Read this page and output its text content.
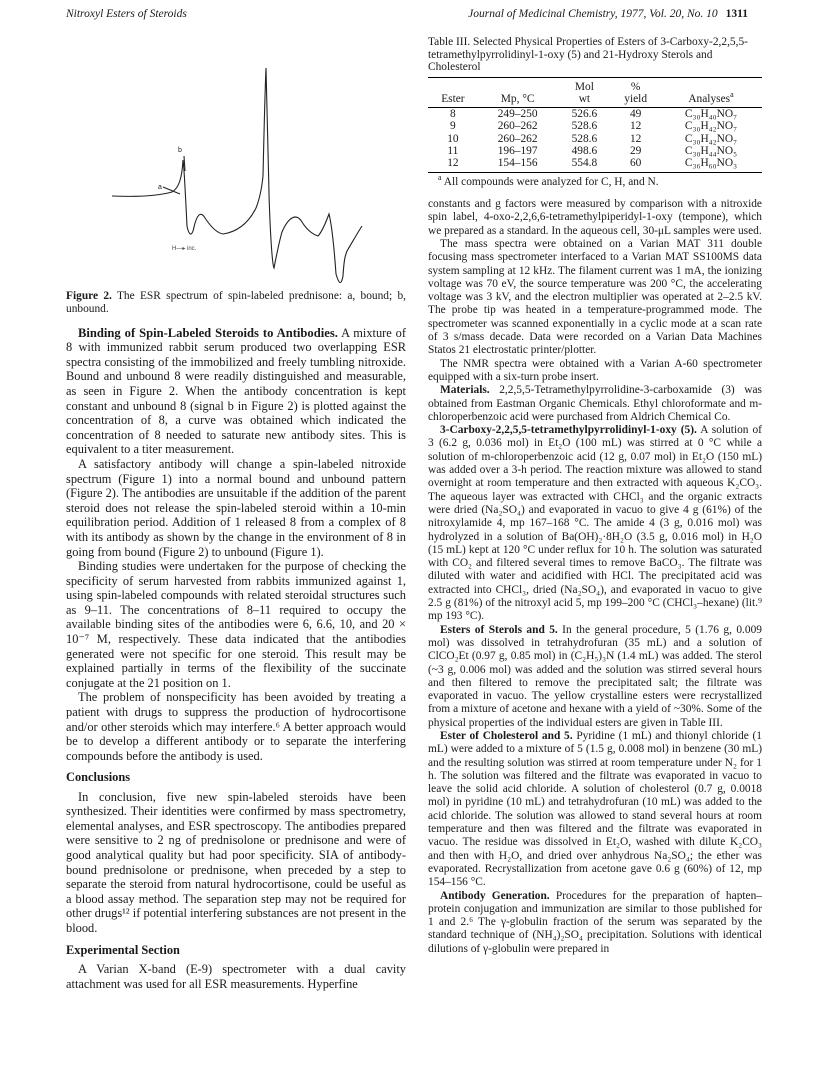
Nitroxyl Esters of Steroids	Journal of Medicinal Chemistry, 1977, Vol. 20, No. 10 1311
b
a
H—▸ inc.
Figure 2. The ESR spectrum of spin-labeled prednisone: a, bound; b, unbound.

Binding of Spin-Labeled Steroids to Antibodies. A mixture of 8 with immunized rabbit serum produced two overlapping ESR spectra consisting of the immobilized and freely tumbling nitroxide. Bound and unbound 8 were readily distinguished and measurable, as seen in Figure 2. When the antibody concentration is kept constant and unbound 8 (signal b in Figure 2) is plotted against the concentration of 8, a curve was obtained which indicated the concentration of 8 needed to saturate new antibody sites. This is equivalent to a titer measurement.

A satisfactory antibody will change a spin-labeled nitroxide spectrum (Figure 1) into a normal bound and unbound pattern (Figure 2). The antibodies are unsuitable if the addition of the parent steroid does not release the spin-labeled steroid within a 10-min equilibration period. Addition of 1 released 8 from a complex of 8 with its antibody as shown by the change in the environment of 8 in going from bound (Figure 2) to unbound (Figure 1).

Binding studies were undertaken for the purpose of checking the specificity of serum harvested from rabbits immunized against 1, using spin-labeled compounds with related steroidal structures such as 9–11. The concentrations of 8–11 required to occupy the available binding sites of the antibodies were 6, 6.6, 10, and 20 × 10⁻⁷ M, respectively. These data indicated that the antibodies generated were not specific for one steroid. This result may be explained partially in terms of the flexibility of the succinate conjugate at the 21 position on 1.

The problem of nonspecificity has been avoided by treating a patient with drugs to suppress the production of hydrocortisone and/or other steroids which may interfere.⁶ A better approach would be to develop a different antibody or to separate the interfering compounds before the antibody is used.

Conclusions

In conclusion, five new spin-labeled steroids have been synthesized. Their identities were confirmed by mass spectrometry, elemental analyses, and ESR spectroscopy. The antibodies prepared were sensitive to 2 ng of prednisolone or prednisone and were of good analytical quality but had poor specificity. SIA of antibody-bound prednisolone or prednisone, when preceded by a step to separate the steroid from natural hydrocortisone, could be useful as a blood assay method. The separation step may not be required for other drugs¹² if potential interfering substances are not present in the blood.

Experimental Section

A Varian X-band (E-9) spectrometer with a dual cavity attachment was used for all ESR measurements. Hyperfine

Table III. Selected Physical Properties of Esters of 3-Carboxy-2,2,5,5-tetramethylpyrrolidinyl-1-oxy (5) and 21-Hydroxy Sterols and Cholesterol
		Mol	%	
Ester	Mp, °C	wt	yield	Analyses$^a$
8	249–250	526.6	49	C₃₀H₄₀NO₇
9	260–262	528.6	12	C₃₀H₄₂NO₇
10	260–262	528.6	12	C₃₀H₄₂NO₇
11	196–197	498.6	29	C₃₀H₄₄NO₅
12	154–156	554.8	60	C₃₆H₆₀NO₃
$^a$ All compounds were analyzed for C, H, and N.

constants and g factors were measured by comparison with a nitroxide spin label, 4-oxo-2,2,6,6-tetramethylpiperidyl-1-oxy (tempone), which we prepared as a standard. In the aqueous cell, 30-μL samples were used.

The mass spectra were obtained on a Varian MAT 311 double focusing mass spectrometer interfaced to a Varian MAT SS100MS data system sampling at 12 kHz. The filament current was 1 mA, the ionizing voltage was 70 eV, the source temperature was 200 °C, the accelerating voltage was 3 kV, and the electron multiplier was operated at 2–2.5 kV. The probe tip was heated in a temperature-programmed mode. The spectrometer was scanned exponentially in a cyclic mode at a scan rate of 3 s/mass decade. Data were recorded on a Varian Data Machines Statos 21 electrostatic printer/plotter.

The NMR spectra were obtained with a Varian A-60 spectrometer equipped with a six-turn probe insert.

Materials. 2,2,5,5-Tetramethylpyrrolidine-3-carboxamide (3) was obtained from Eastman Organic Chemicals. Ethyl chloroformate and m-chloroperbenzoic acid were purchased from Aldrich Chemical Co.

3-Carboxy-2,2,5,5-tetramethylpyrrolidinyl-1-oxy (5). A solution of 3 (6.2 g, 0.036 mol) in Et₂O (100 mL) was stirred at 0 °C while a solution of m-chloroperbenzoic acid (12 g, 0.07 mol) in Et₂O (150 mL) was added over a 3-h period. The reaction mixture was allowed to stand overnight at room temperature and then extracted with aqueous K₂CO₃. The aqueous layer was extracted with CHCl₃ and the organic extracts were dried (Na₂SO₄) and evaporated in vacuo to give 4 g (61%) of the nitroxylamide 4, mp 167–168 °C. The amide 4 (3 g, 0.016 mol) was hydrolyzed in a solution of Ba(OH)₂·8H₂O (3.5 g, 0.016 mol) in H₂O (15 mL) kept at 120 °C under reflux for 10 h. The solution was saturated with CO₂ and filtered several times to remove BaCO₃. The filtrate was diluted with water and acidified with HCl. The precipitated acid was extracted into CHCl₃, dried (Na₂SO₄), and evaporated in vacuo to give 2.5 g (81%) of the nitroxyl acid 5, mp 199–200 °C (CHCl₃–hexane) (lit.⁹ mp 193 °C).

Esters of Sterols and 5. In the general procedure, 5 (1.76 g, 0.009 mol) was dissolved in tetrahydrofuran (35 mL) and a solution of ClCO₂Et (0.97 g, 0.85 mol) in (C₂H₅)₃N (1.4 mL) was added. The sterol (~3 g, 0.006 mol) was added and the solution was stirred several hours and then filtered to remove the precipitated salt; the filtrate was evaporated in vacuo. The yellow crystalline esters were recrystallized from a mixture of acetone and hexane with a yield of ~30%. Some of the physical properties of the individual esters are given in Table III.

Ester of Cholesterol and 5. Pyridine (1 mL) and thionyl chloride (1 mL) were added to a mixture of 5 (1.5 g, 0.008 mol) in benzene (30 mL) and the resulting solution was stirred at room temperature under N₂ for 1 h. The solution was filtered and the filtrate was evaporated in vacuo to leave the solid acid chloride. A solution of cholesterol (0.7 g, 0.0018 mol) in pyridine (10 mL) and tetrahydrofuran (10 mL) was added to the acid chloride. The solution was allowed to stand several hours at room temperature and then was filtered and the filtrate was evaporated in vacuo. The residue was dissolved in Et₂O, washed with dilute K₂CO₃ and then with H₂O, and dried over anhydrous Na₂SO₄; the ether was evaporated. Recrystallization from acetone gave 0.6 g (60%) of 12, mp 154–156 °C.

Antibody Generation. Procedures for the preparation of hapten–protein conjugation and immunization are similar to those published for 1 and 2.⁶ The γ-globulin fraction of the serum was separated by the standard technique of (NH₄)₂SO₄ precipitation. Solutions with identical dilutions of γ-globulin were prepared in
